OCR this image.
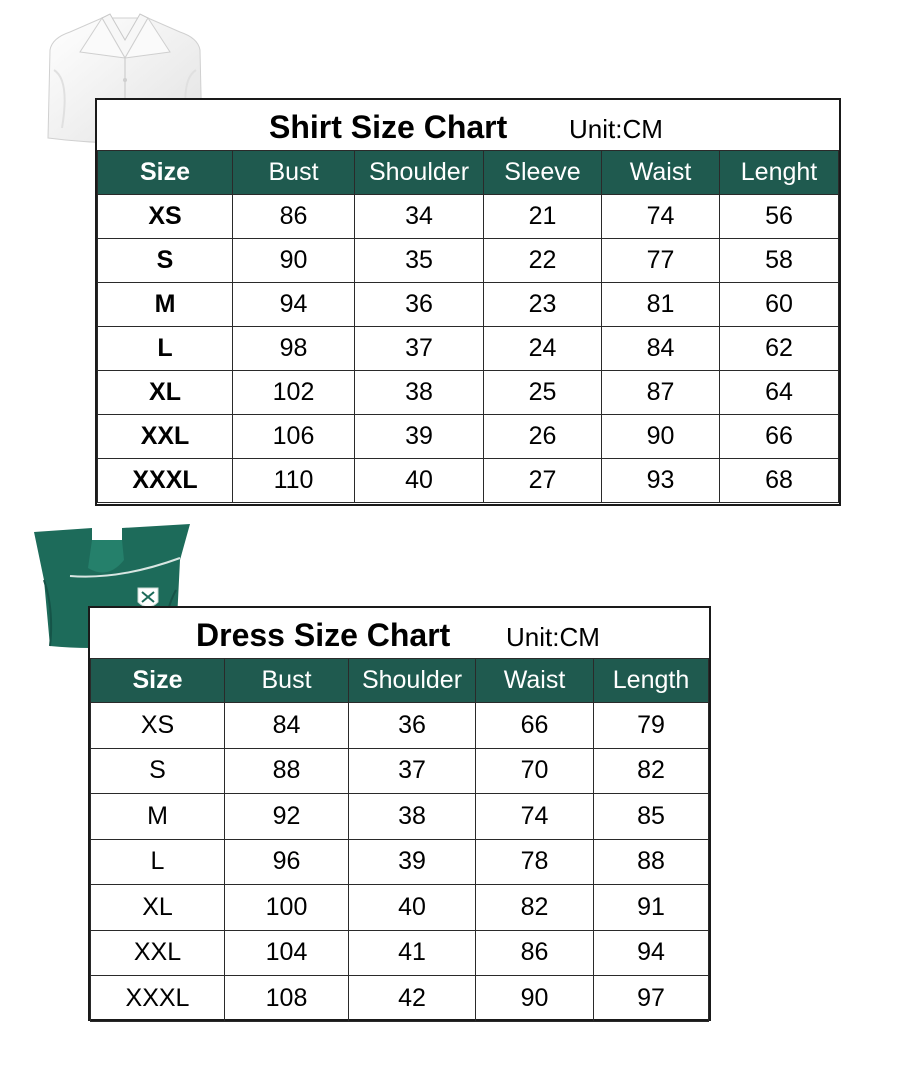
Shirt Size Chart Unit:CM
Size	Bust	Shoulder	Sleeve	Waist	Lenght
XS	86	34	21	74	56
S	90	35	22	77	58
M	94	36	23	81	60
L	98	37	24	84	62
XL	102	38	25	87	64
XXL	106	39	26	90	66
XXXL	110	40	27	93	68
Dress Size Chart Unit:CM
Size	Bust	Shoulder	Waist	Length
XS	84	36	66	79
S	88	37	70	82
M	92	38	74	85
L	96	39	78	88
XL	100	40	82	91
XXL	104	41	86	94
XXXL	108	42	90	97
